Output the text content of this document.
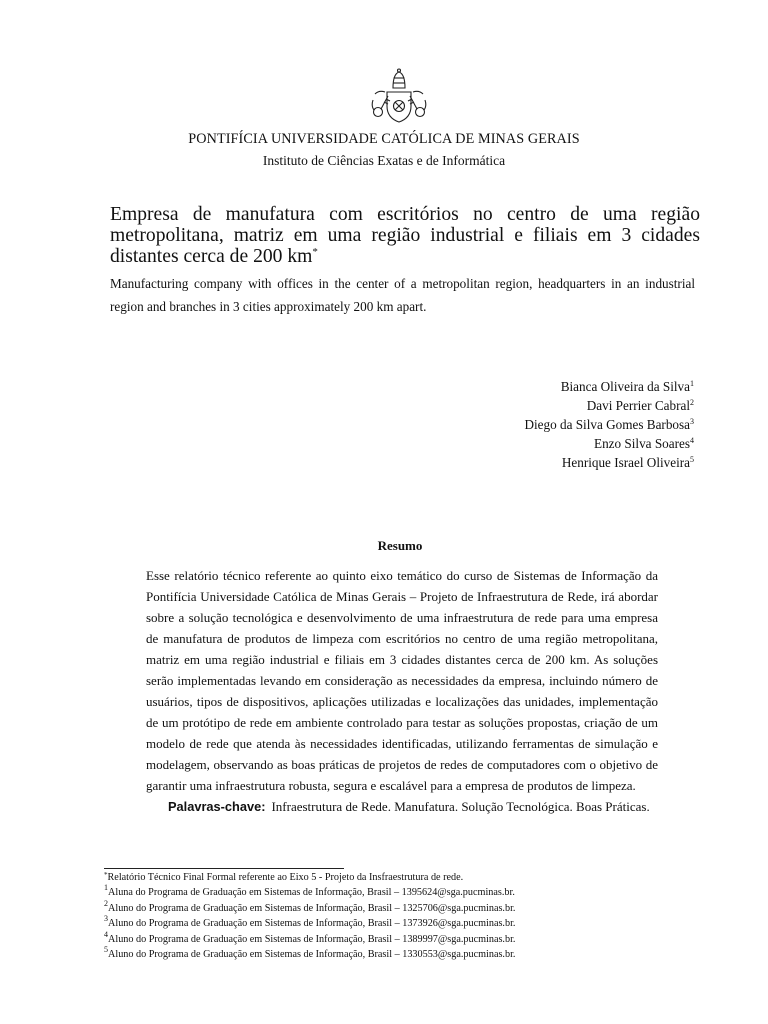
PONTIFÍCIA UNIVERSIDADE CATÓLICA DE MINAS GERAIS
Instituto de Ciências Exatas e de Informática
Empresa de manufatura com escritórios no centro de uma região metropolitana, matriz em uma região industrial e filiais em 3 cidades distantes cerca de 200 km*
Manufacturing company with offices in the center of a metropolitan region, headquarters in an industrial region and branches in 3 cities approximately 200 km apart.
Bianca Oliveira da Silva$^1$
Davi Perrier Cabral$^2$
Diego da Silva Gomes Barbosa$^3$
Enzo Silva Soares$^4$
Henrique Israel Oliveira$^5$
Resumo

Esse relatório técnico referente ao quinto eixo temático do curso de Sistemas de Informação da Pontifícia Universidade Católica de Minas Gerais – Projeto de Infraestrutura de Rede, irá abordar sobre a solução tecnológica e desenvolvimento de uma infraestrutura de rede para uma empresa de manufatura de produtos de limpeza com escritórios no centro de uma região metropolitana, matriz em uma região industrial e filiais em 3 cidades distantes cerca de 200 km. As soluções serão implementadas levando em consideração as necessidades da empresa, incluindo número de usuários, tipos de dispositivos, aplicações utilizadas e localizações das unidades, implementação de um protótipo de rede em ambiente controlado para testar as soluções propostas, criação de um modelo de rede que atenda às necessidades identificadas, utilizando ferramentas de simulação e modelagem, observando as boas práticas de projetos de redes de computadores com o objetivo de garantir uma infraestrutura robusta, segura e escalável para a empresa de produtos de limpeza.

Palavras-chave: Infraestrutura de Rede. Manufatura. Solução Tecnológica. Boas Práticas.

*Relatório Técnico Final Formal referente ao Eixo 5 - Projeto da Insfraestrutura de rede.
$^1$Aluna do Programa de Graduação em Sistemas de Informação, Brasil – 1395624@sga.pucminas.br.
$^2$Aluno do Programa de Graduação em Sistemas de Informação, Brasil – 1325706@sga.pucminas.br.
$^3$Aluno do Programa de Graduação em Sistemas de Informação, Brasil – 1373926@sga.pucminas.br.
$^4$Aluno do Programa de Graduação em Sistemas de Informação, Brasil – 1389997@sga.pucminas.br.
$^5$Aluno do Programa de Graduação em Sistemas de Informação, Brasil – 1330553@sga.pucminas.br.
